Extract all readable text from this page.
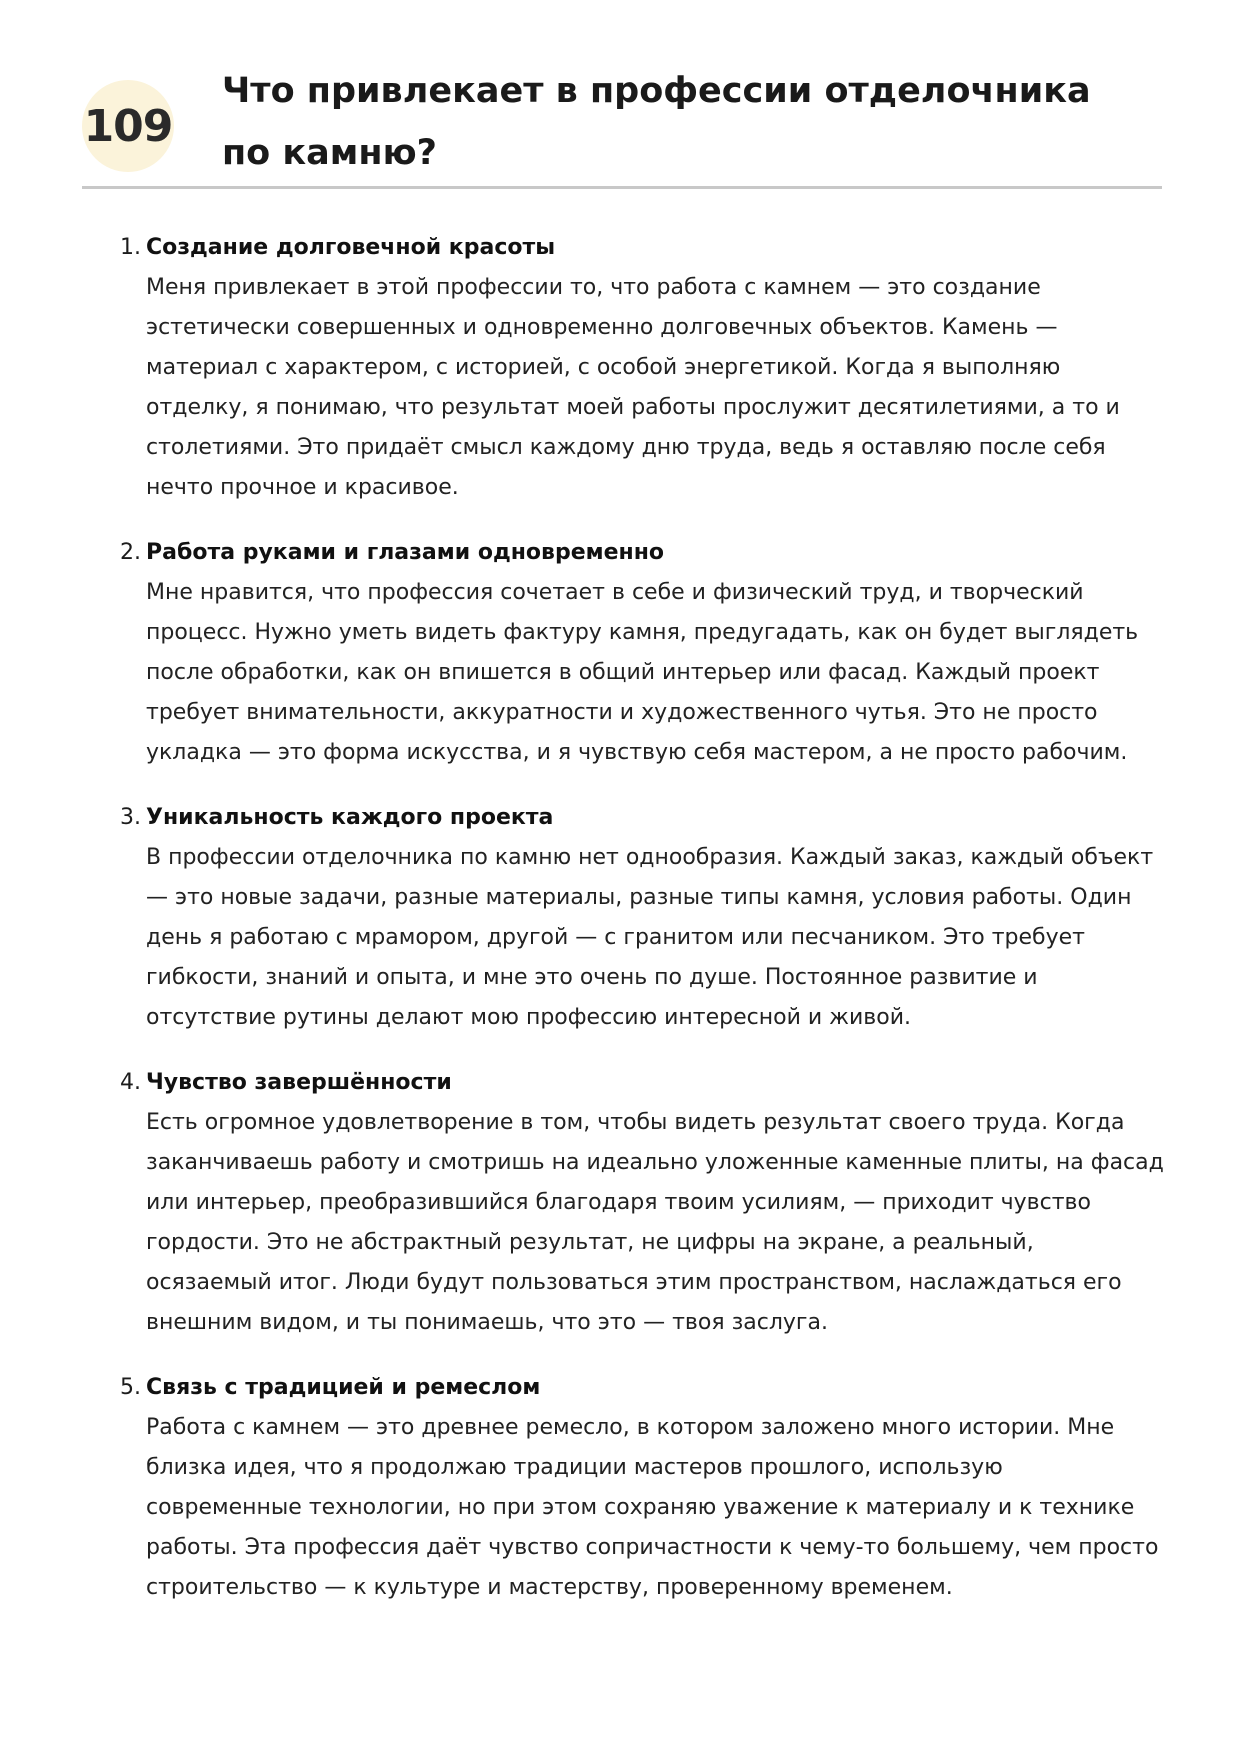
109
Что привлекает в профессии отделочника по камню?
1. Создание долговечной красоты

Меня привлекает в этой профессии то, что работа с камнем — это создание эстетически совершенных и одновременно долговечных объектов. Камень — материал с характером, с историей, с особой энергетикой. Когда я выполняю отделку, я понимаю, что результат моей работы прослужит десятилетиями, а то и столетиями. Это придаёт смысл каждому дню труда, ведь я оставляю после себя нечто прочное и красивое.

2. Работа руками и глазами одновременно

Мне нравится, что профессия сочетает в себе и физический труд, и творческий процесс. Нужно уметь видеть фактуру камня, предугадать, как он будет выглядеть после обработки, как он впишется в общий интерьер или фасад. Каждый проект требует внимательности, аккуратности и художественного чутья. Это не просто укладка — это форма искусства, и я чувствую себя мастером, а не просто рабочим.

3. Уникальность каждого проекта

В профессии отделочника по камню нет однообразия. Каждый заказ, каждый объект — это новые задачи, разные материалы, разные типы камня, условия работы. Один день я работаю с мрамором, другой — с гранитом или песчаником. Это требует гибкости, знаний и опыта, и мне это очень по душе. Постоянное развитие и отсутствие рутины делают мою профессию интересной и живой.

4. Чувство завершённости

Есть огромное удовлетворение в том, чтобы видеть результат своего труда. Когда заканчиваешь работу и смотришь на идеально уложенные каменные плиты, на фасад или интерьер, преобразившийся благодаря твоим усилиям, — приходит чувство гордости. Это не абстрактный результат, не цифры на экране, а реальный, осязаемый итог. Люди будут пользоваться этим пространством, наслаждаться его внешним видом, и ты понимаешь, что это — твоя заслуга.

5. Связь с традицией и ремеслом

Работа с камнем — это древнее ремесло, в котором заложено много истории. Мне близка идея, что я продолжаю традиции мастеров прошлого, использую современные технологии, но при этом сохраняю уважение к материалу и к технике работы. Эта профессия даёт чувство сопричастности к чему-то большему, чем просто строительство — к культуре и мастерству, проверенному временем.
